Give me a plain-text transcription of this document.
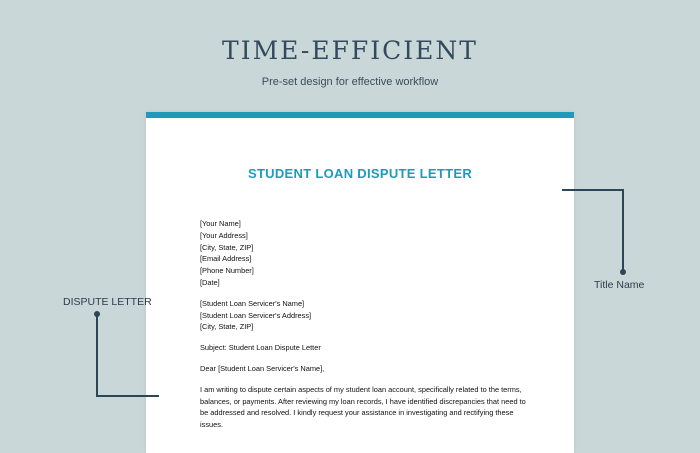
TIME-EFFICIENT
Pre-set design for effective workflow
STUDENT LOAN DISPUTE LETTER
[Your Name]
[Your Address]
[City, State, ZIP]
[Email Address]
[Phone Number]
[Date]
[Student Loan Servicer's Name]
[Student Loan Servicer's Address]
[City, State, ZIP]
Subject: Student Loan Dispute Letter
Dear [Student Loan Servicer's Name],
I am writing to dispute certain aspects of my student loan account, specifically related to the terms, balances, or payments. After reviewing my loan records, I have identified discrepancies that need to be addressed and resolved. I kindly request your assistance in investigating and rectifying these issues.
Title Name
DISPUTE LETTER
